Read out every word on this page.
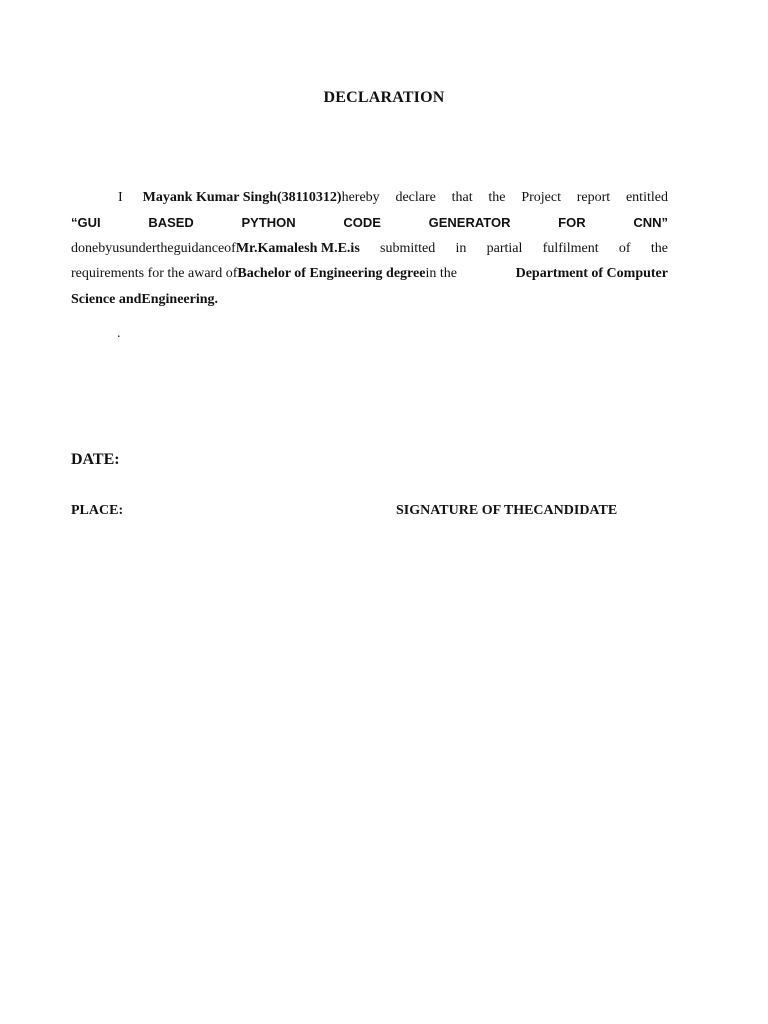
DECLARATION
I Mayank Kumar Singh(38110312)hereby declare that the Project report entitled
“GUI	BASED	PYTHON	CODE	GENERATOR	FOR	CNN”
donebyusundertheguidanceofMr.Kamalesh M.E.is submitted in partial fulfilment of the
requirements for the award ofBachelor of Engineering degreein the	Department of Computer
Science andEngineering.
.
DATE:
PLACE:	SIGNATURE OF THECANDIDATE
